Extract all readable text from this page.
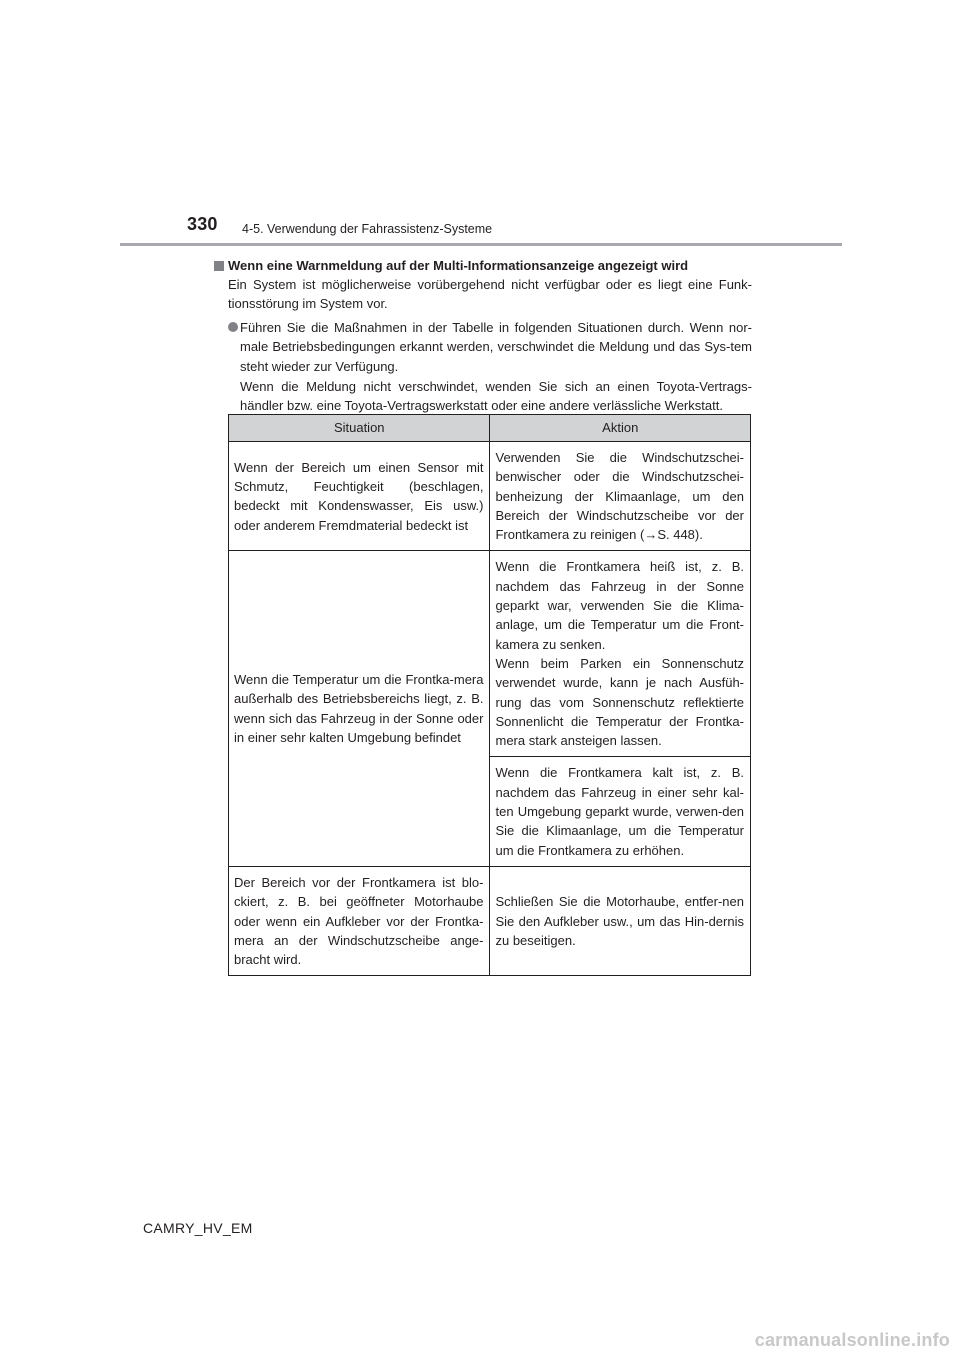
330 4-5. Verwendung der Fahrassistenz-Systeme
Wenn eine Warnmeldung auf der Multi-Informationsanzeige angezeigt wird
Ein System ist möglicherweise vorübergehend nicht verfügbar oder es liegt eine Funk-tionsstörung im System vor.
Führen Sie die Maßnahmen in der Tabelle in folgenden Situationen durch. Wenn nor-male Betriebsbedingungen erkannt werden, verschwindet die Meldung und das Sys-tem steht wieder zur Verfügung.
Wenn die Meldung nicht verschwindet, wenden Sie sich an einen Toyota-Vertrags-händler bzw. eine Toyota-Vertragswerkstatt oder eine andere verlässliche Werkstatt.
Situation	Aktion
Wenn der Bereich um einen Sensor mit Schmutz, Feuchtigkeit (beschlagen, bedeckt mit Kondenswasser, Eis usw.) oder anderem Fremdmaterial bedeckt ist	Verwenden Sie die Windschutzschei-benwischer oder die Windschutzschei-benheizung der Klimaanlage, um den Bereich der Windschutzscheibe vor der Frontkamera zu reinigen (→S. 448).
Wenn die Temperatur um die Frontka-mera außerhalb des Betriebsbereichs liegt, z. B. wenn sich das Fahrzeug in der Sonne oder in einer sehr kalten Umgebung befindet	Wenn die Frontkamera heiß ist, z. B. nachdem das Fahrzeug in der Sonne geparkt war, verwenden Sie die Klima-anlage, um die Temperatur um die Front-kamera zu senken.
Wenn beim Parken ein Sonnenschutz verwendet wurde, kann je nach Ausfüh-rung das vom Sonnenschutz reflektierte Sonnenlicht die Temperatur der Frontka-mera stark ansteigen lassen.

	Wenn die Frontkamera kalt ist, z. B. nachdem das Fahrzeug in einer sehr kal-ten Umgebung geparkt wurde, verwen-den Sie die Klimaanlage, um die Temperatur um die Frontkamera zu erhöhen.
Der Bereich vor der Frontkamera ist blo-ckiert, z. B. bei geöffneter Motorhaube oder wenn ein Aufkleber vor der Frontka-mera an der Windschutzscheibe ange-bracht wird.	Schließen Sie die Motorhaube, entfer-nen Sie den Aufkleber usw., um das Hin-dernis zu beseitigen.
CAMRY_HV_EM
carmanualsonline.info
